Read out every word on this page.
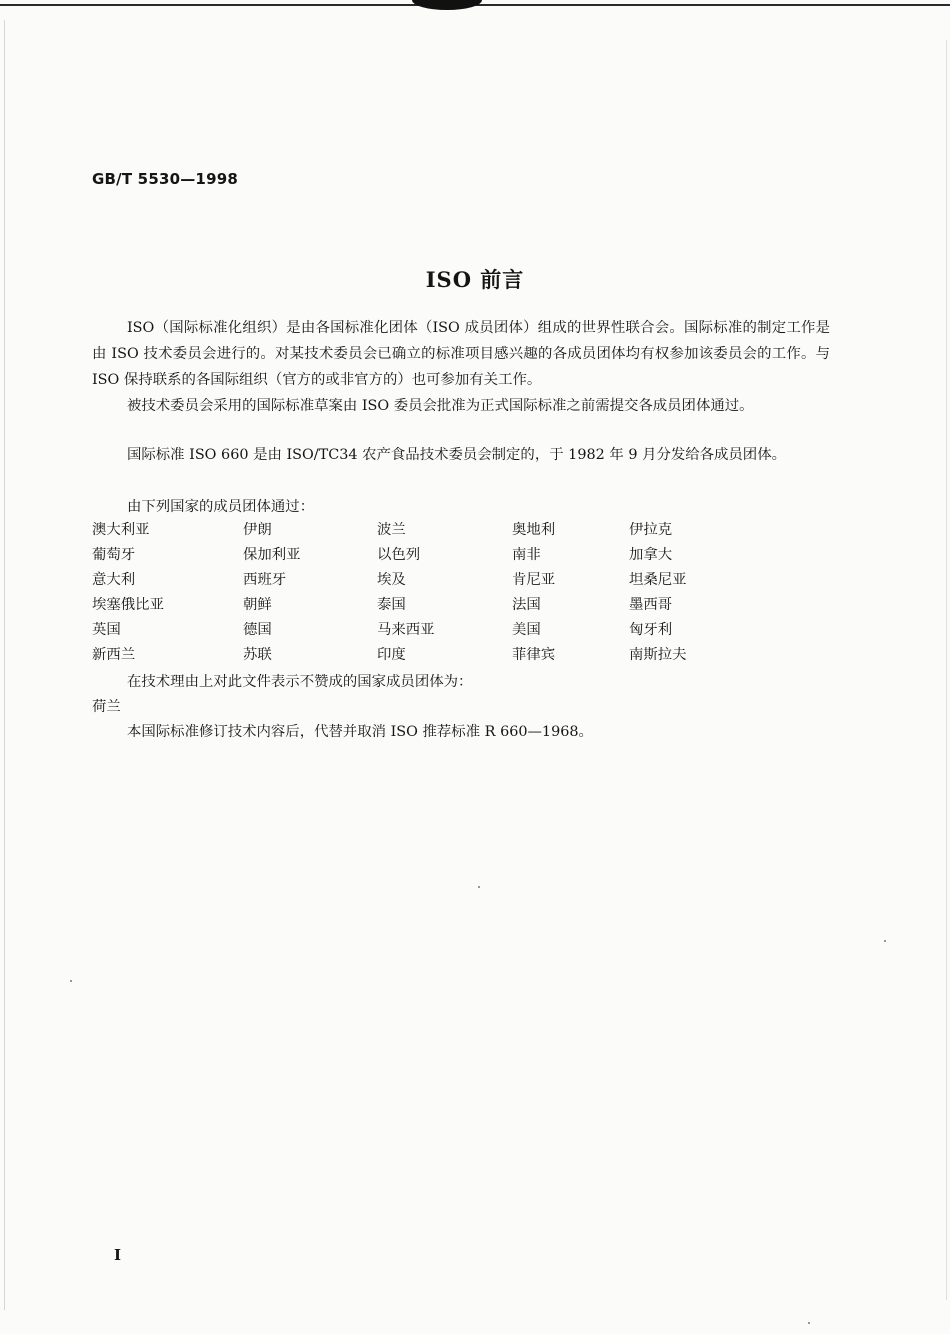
GB/T 5530—1998
ISO 前言

ISO（国际标准化组织）是由各国标准化团体（ISO 成员团体）组成的世界性联合会。国际标准的制定工作是由 ISO 技术委员会进行的。对某技术委员会已确立的标准项目感兴趣的各成员团体均有权参加该委员会的工作。与 ISO 保持联系的各国际组织（官方的或非官方的）也可参加有关工作。

被技术委员会采用的国际标准草案由 ISO 委员会批准为正式国际标准之前需提交各成员团体通过。

国际标准 ISO 660 是由 ISO/TC34 农产食品技术委员会制定的，于 1982 年 9 月分发给各成员团体。

由下列国家的成员团体通过：

澳大利亚	伊朗	波兰	奥地利	伊拉克
葡萄牙	保加利亚	以色列	南非	加拿大
意大利	西班牙	埃及	肯尼亚	坦桑尼亚
埃塞俄比亚	朝鲜	泰国	法国	墨西哥
英国	德国	马来西亚	美国	匈牙利
新西兰	苏联	印度	菲律宾	南斯拉夫

在技术理由上对此文件表示不赞成的国家成员团体为：

荷兰

本国际标准修订技术内容后，代替并取消 ISO 推荐标准 R 660—1968。

I
